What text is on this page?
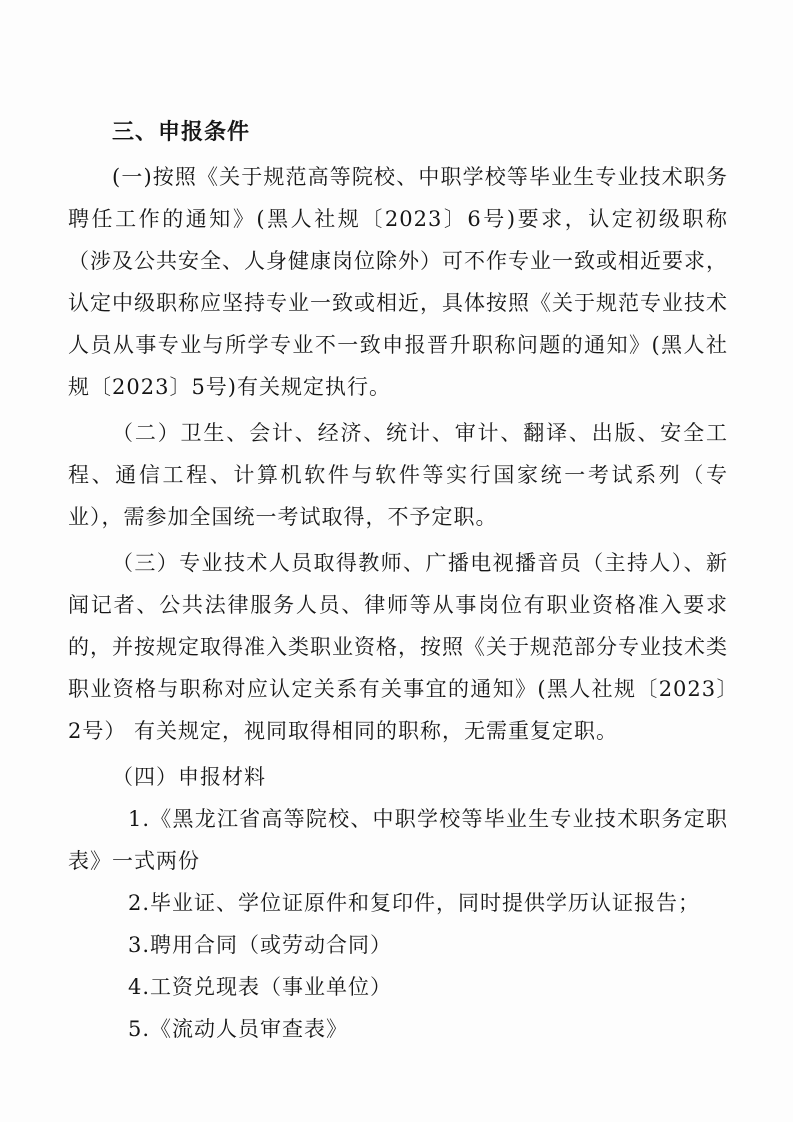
三、申报条件

(一)按照《关于规范高等院校、中职学校等毕业生专业技术职务聘任工作的通知》(黑人社规〔2023〕6号)要求，认定初级职称（涉及公共安全、人身健康岗位除外）可不作专业一致或相近要求，认定中级职称应坚持专业一致或相近，具体按照《关于规范专业技术人员从事专业与所学专业不一致申报晋升职称问题的通知》(黑人社规〔2023〕5号)有关规定执行。

（二）卫生、会计、经济、统计、审计、翻译、出版、安全工程、通信工程、计算机软件与软件等实行国家统一考试系列（专业），需参加全国统一考试取得，不予定职。

（三）专业技术人员取得教师、广播电视播音员（主持人）、新闻记者、公共法律服务人员、律师等从事岗位有职业资格准入要求的，并按规定取得准入类职业资格，按照《关于规范部分专业技术类职业资格与职称对应认定关系有关事宜的通知》(黑人社规〔2023〕2号） 有关规定，视同取得相同的职称，无需重复定职。

（四）申报材料

1.《黑龙江省高等院校、中职学校等毕业生专业技术职务定职表》一式两份

2.毕业证、学位证原件和复印件，同时提供学历认证报告；

3.聘用合同（或劳动合同）

4.工资兑现表（事业单位）

5.《流动人员审查表》
